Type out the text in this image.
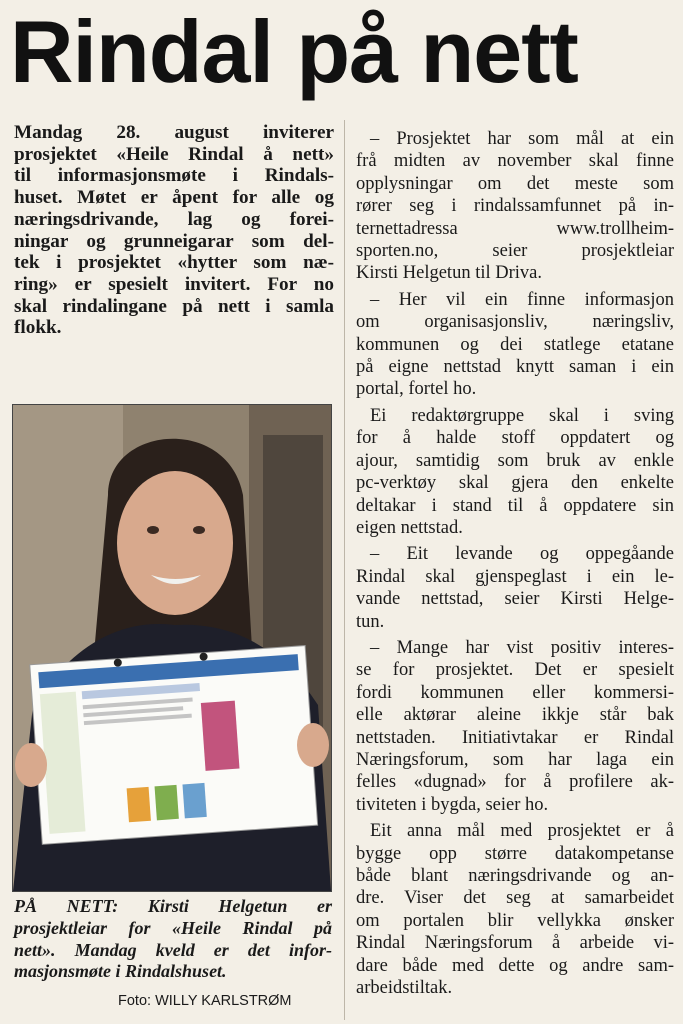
Rindal på nett

Mandag 28. august inviterer
prosjektet «Heile Rindal å nett»
til informasjonsmøte i Rindals-
huset. Møtet er åpent for alle og
næringsdrivande, lag og forei-
ningar og grunneigarar som del-
tek i prosjektet «hytter som næ-
ring» er spesielt invitert. For no
skal rindalingane på nett i samla
flokk.

PÅ NETT: Kirsti Helgetun er
prosjektleiar for «Heile Rindal på
nett». Mandag kveld er det infor-
masjonsmøte i Rindalshuset.
Foto: WILLY KARLSTRØM

– Prosjektet har som mål at ein
frå midten av november skal finne
opplysningar om det meste som
rører seg i rindalssamfunnet på in-
ternettadressa www.trollheim-
sporten.no, seier prosjektleiar
Kirsti Helgetun til Driva.

– Her vil ein finne informasjon
om organisasjonsliv, næringsliv,
kommunen og dei statlege etatane
på eigne nettstad knytt saman i ein
portal, fortel ho.

Ei redaktørgruppe skal i sving
for å halde stoff oppdatert og
ajour, samtidig som bruk av enkle
pc-verktøy skal gjera den enkelte
deltakar i stand til å oppdatere sin
eigen nettstad.

– Eit levande og oppegåande
Rindal skal gjenspeglast i ein le-
vande nettstad, seier Kirsti Helge-
tun.

– Mange har vist positiv interes-
se for prosjektet. Det er spesielt
fordi kommunen eller kommersi-
elle aktørar aleine ikkje står bak
nettstaden. Initiativtakar er Rindal
Næringsforum, som har laga ein
felles «dugnad» for å profilere ak-
tiviteten i bygda, seier ho.

Eit anna mål med prosjektet er å
bygge opp større datakompetanse
både blant næringsdrivande og an-
dre. Viser det seg at samarbeidet
om portalen blir vellykka ønsker
Rindal Næringsforum å arbeide vi-
dare både med dette og andre sam-
arbeidstiltak.
